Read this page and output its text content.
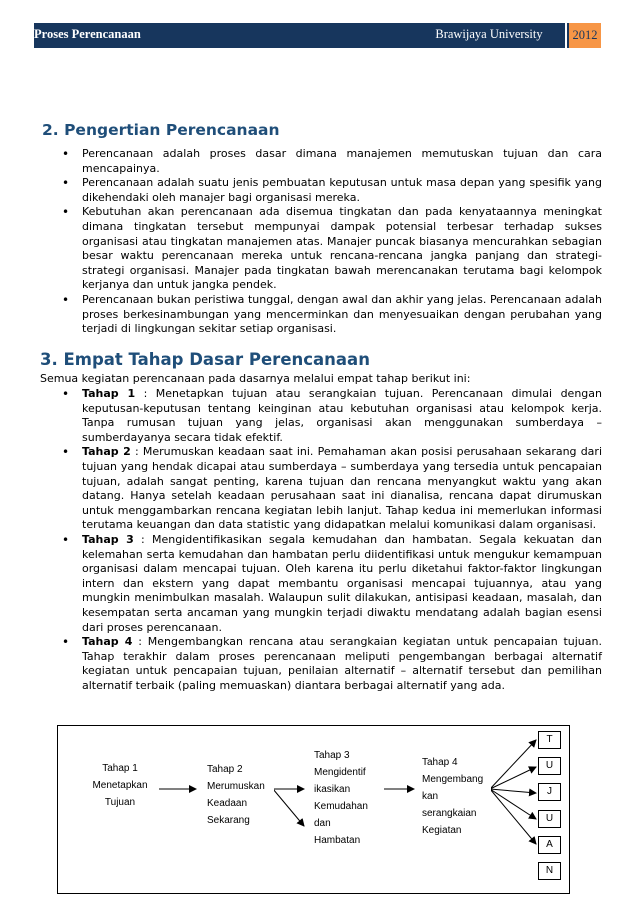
Proses Perencanaan	Brawijaya University	2012
2. Pengertian Perencanaan
• Perencanaan adalah proses dasar dimana manajemen memutuskan tujuan dan cara mencapainya.
• Perencanaan adalah suatu jenis pembuatan keputusan untuk masa depan yang spesifik yang dikehendaki oleh manajer bagi organisasi mereka.
• Kebutuhan akan perencanaan ada disemua tingkatan dan pada kenyataannya meningkat dimana tingkatan tersebut mempunyai dampak potensial terbesar terhadap sukses organisasi atau tingkatan manajemen atas. Manajer puncak biasanya mencurahkan sebagian besar waktu perencanaan mereka untuk rencana-rencana jangka panjang dan strategi-strategi organisasi. Manajer pada tingkatan bawah merencanakan terutama bagi kelompok kerjanya dan untuk jangka pendek.
• Perencanaan bukan peristiwa tunggal, dengan awal dan akhir yang jelas. Perencanaan adalah proses berkesinambungan yang mencerminkan dan menyesuaikan dengan perubahan yang terjadi di lingkungan sekitar setiap organisasi.
3. Empat Tahap Dasar Perencanaan
Semua kegiatan perencanaan pada dasarnya melalui empat tahap berikut ini:
• Tahap 1 : Menetapkan tujuan atau serangkaian tujuan. Perencanaan dimulai dengan keputusan-keputusan tentang keinginan atau kebutuhan organisasi atau kelompok kerja. Tanpa rumusan tujuan yang jelas, organisasi akan menggunakan sumberdaya – sumberdayanya secara tidak efektif.
• Tahap 2 : Merumuskan keadaan saat ini. Pemahaman akan posisi perusahaan sekarang dari tujuan yang hendak dicapai atau sumberdaya – sumberdaya yang tersedia untuk pencapaian tujuan, adalah sangat penting, karena tujuan dan rencana menyangkut waktu yang akan datang. Hanya setelah keadaan perusahaan saat ini dianalisa, rencana dapat dirumuskan untuk menggambarkan rencana kegiatan lebih lanjut. Tahap kedua ini memerlukan informasi terutama keuangan dan data statistic yang didapatkan melalui komunikasi dalam organisasi.
• Tahap 3 : Mengidentifikasikan segala kemudahan dan hambatan. Segala kekuatan dan kelemahan serta kemudahan dan hambatan perlu diidentifikasi untuk mengukur kemampuan organisasi dalam mencapai tujuan. Oleh karena itu perlu diketahui faktor-faktor lingkungan intern dan ekstern yang dapat membantu organisasi mencapai tujuannya, atau yang mungkin menimbulkan masalah. Walaupun sulit dilakukan, antisipasi keadaan, masalah, dan kesempatan serta ancaman yang mungkin terjadi diwaktu mendatang adalah bagian esensi dari proses perencanaan.
• Tahap 4 : Mengembangkan rencana atau serangkaian kegiatan untuk pencapaian tujuan. Tahap terakhir dalam proses perencanaan meliputi pengembangan berbagai alternatif kegiatan untuk pencapaian tujuan, penilaian alternatif – alternatif tersebut dan pemilihan alternatif terbaik (paling memuaskan) diantara berbagai alternatif yang ada.
Tahap 1
Menetapkan
Tujuan
Tahap 2
Merumuskan
Keadaan
Sekarang
Tahap 3
Mengidentif
ikasikan
Kemudahan
dan
Hambatan
Tahap 4
Mengembang
kan
serangkaian
Kegiatan
T
U
J
U
A
N
